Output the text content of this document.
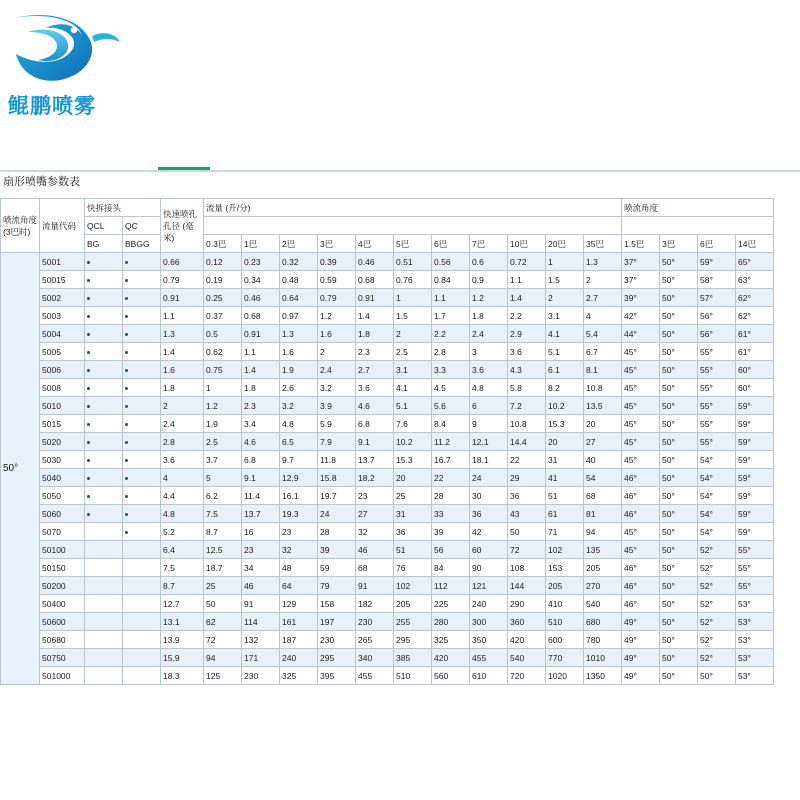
鲲鹏喷雾
扇形喷嘴参数表
喷流角度
(3巴时)	流量代码	快拆接头		快速喷孔
孔径 (毫
米)	流量 (升/分)											喷流角度			
		QCL	QC																
		BG	BBGG		0.3巴	1巴	2巴	3巴	4巴	5巴	6巴	7巴	10巴	20巴	35巴	1.5巴	3巴	6巴	14巴
50°	5001			0.66	0.12	0.23	0.32	0.39	0.46	0.51	0.56	0.6	0.72	1	1.3	37°	50°	59°	65°
	50015			0.79	0.19	0.34	0.48	0.59	0.68	0.76	0.84	0.9	1.1	1.5	2	37°	50°	58°	63°
	5002			0.91	0.25	0.46	0.64	0.79	0.91	1	1.1	1.2	1.4	2	2.7	39°	50°	57°	62°
	5003			1.1	0.37	0.68	0.97	1.2	1.4	1.5	1.7	1.8	2.2	3.1	4	42°	50°	56°	62°
	5004			1.3	0.5	0.91	1.3	1.6	1.8	2	2.2	2.4	2.9	4.1	5.4	44°	50°	56°	61°
	5005			1.4	0.62	1.1	1.6	2	2.3	2.5	2.8	3	3.6	5.1	6.7	45°	50°	55°	61°
	5006			1.6	0.75	1.4	1.9	2.4	2.7	3.1	3.3	3.6	4.3	6.1	8.1	45°	50°	55°	60°
	5008			1.8	1	1.8	2.6	3.2	3.6	4.1	4.5	4.8	5.8	8.2	10.8	45°	50°	55°	60°
	5010			2	1.2	2.3	3.2	3.9	4.6	5.1	5.6	6	7.2	10.2	13.5	45°	50°	55°	59°
	5015			2.4	1.9	3.4	4.8	5.9	6.8	7.6	8.4	9	10.8	15.3	20	45°	50°	55°	59°
	5020			2.8	2.5	4.6	6.5	7.9	9.1	10.2	11.2	12.1	14.4	20	27	45°	50°	55°	59°
	5030			3.6	3.7	6.8	9.7	11.8	13.7	15.3	16.7	18.1	22	31	40	45°	50°	54°	59°
	5040			4	5	9.1	12.9	15.8	18.2	20	22	24	29	41	54	46°	50°	54°	59°
	5050			4.4	6.2	11.4	16.1	19.7	23	25	28	30	36	51	68	46°	50°	54°	59°
	5060			4.8	7.5	13.7	19.3	24	27	31	33	36	43	61	81	46°	50°	54°	59°
	5070			5.2	8.7	16	23	28	32	36	39	42	50	71	94	45°	50°	54°	59°
	50100			6.4	12.5	23	32	39	46	51	56	60	72	102	135	45°	50°	52°	55°
	50150			7.5	18.7	34	48	59	68	76	84	90	108	153	205	46°	50°	52°	55°
	50200			8.7	25	46	64	79	91	102	112	121	144	205	270	46°	50°	52°	55°
	50400			12.7	50	91	129	158	182	205	225	240	290	410	540	46°	50°	52°	53°
	50600			13.1	62	114	161	197	230	255	280	300	360	510	680	49°	50°	52°	53°
	50680			13.9	72	132	187	230	265	295	325	350	420	600	780	49°	50°	52°	53°
	50750			15.9	94	171	240	295	340	385	420	455	540	770	1010	49°	50°	52°	53°
	501000			18.3	125	230	325	395	455	510	560	610	720	1020	1350	49°	50°	50°	53°
